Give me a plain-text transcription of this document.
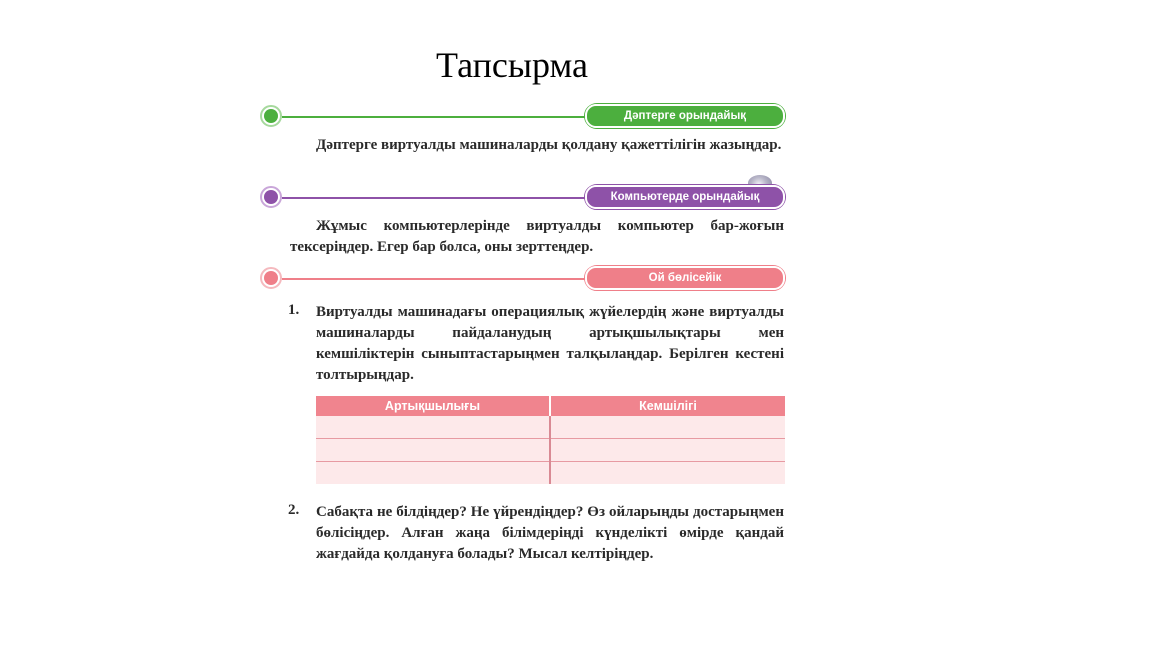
Тапсырма
Дəптерге орындайық
Дəптерге виртуалды машиналарды қолдану қажеттілігін жазыңдар.
Компьютерде орындайық
Жұмыс компьютерлерінде виртуалды компьютер бар-жоғын тексеріңдер. Егер бар болса, оны зерттеңдер.
Ой бөлісейік
1. Виртуалды машинадағы операциялық жүйелердің жəне виртуалды машиналарды пайдаланудың артықшылықтары мен кемшіліктерін сыныптастарыңмен талқылаңдар. Берілген кестені толтырыңдар.
Артықшылығы	Кемшілігі

2. Сабақта не білдіңдер? Не үйрендіңдер? Өз ойларыңды достарыңмен бөлісіңдер. Алған жаңа білімдеріңді күнделікті өмірде қандай жағдайда қолдануға болады? Мысал келтіріңдер.
